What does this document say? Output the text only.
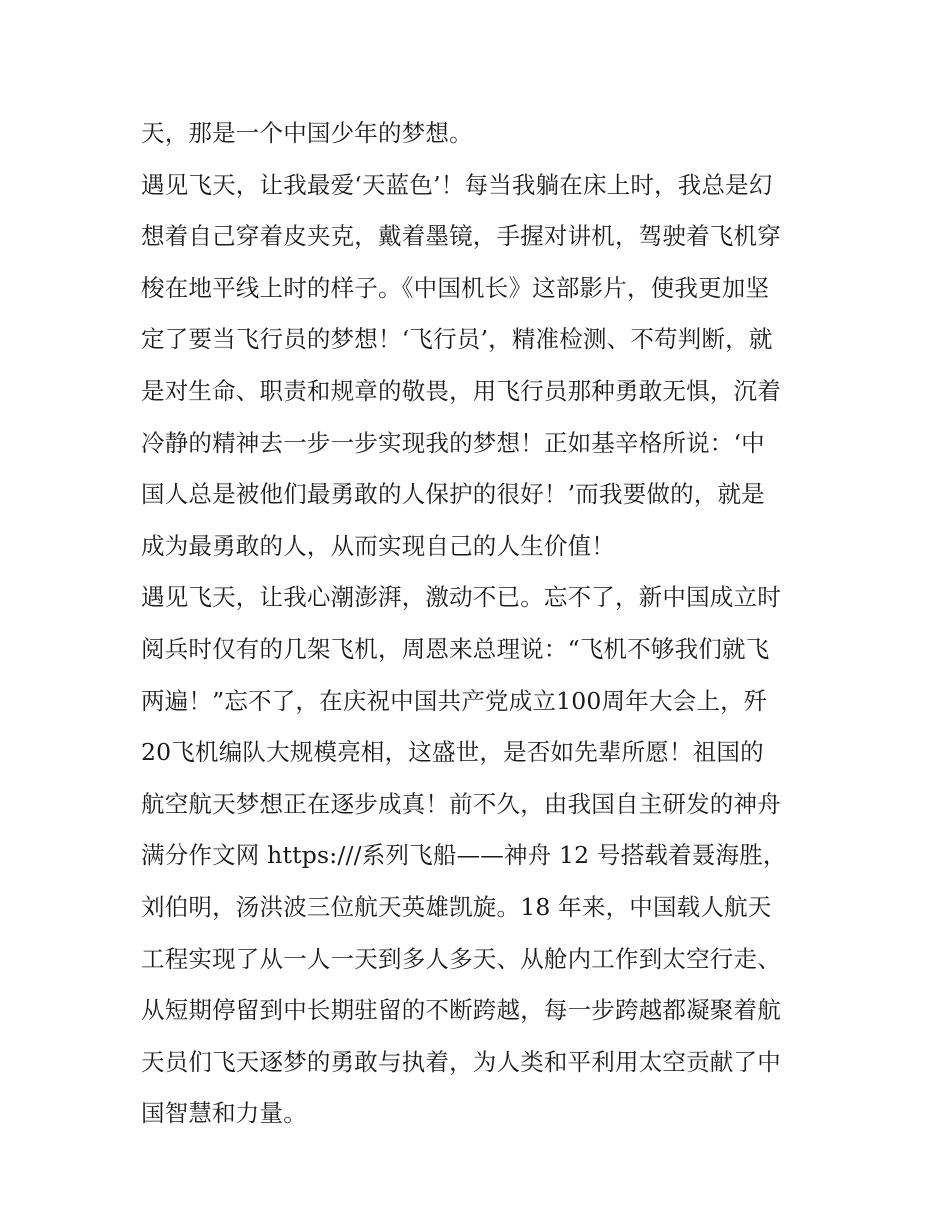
天，那是一个中国少年的梦想。
遇见飞天，让我最爱‘天蓝色’！每当我躺在床上时，我总是幻
想着自己穿着皮夹克，戴着墨镜，手握对讲机，驾驶着飞机穿
梭在地平线上时的样子。《中国机长》这部影片，使我更加坚
定了要当飞行员的梦想！‘飞行员’，精准检测、不苟判断，就
是对生命、职责和规章的敬畏，用飞行员那种勇敢无惧，沉着
冷静的精神去一步一步实现我的梦想！正如基辛格所说：‘中
国人总是被他们最勇敢的人保护的很好！’而我要做的，就是
成为最勇敢的人，从而实现自己的人生价值！
遇见飞天，让我心潮澎湃，激动不已。忘不了，新中国成立时
阅兵时仅有的几架飞机，周恩来总理说：“飞机不够我们就飞
两遍！”忘不了，在庆祝中国共产党成立100周年大会上，歼
20飞机编队大规模亮相，这盛世，是否如先辈所愿！祖国的
航空航天梦想正在逐步成真！前不久，由我国自主研发的神舟
满分作文网 https:///系列飞船——神舟 12 号搭载着聂海胜，
刘伯明，汤洪波三位航天英雄凯旋。18 年来，中国载人航天
工程实现了从一人一天到多人多天、从舱内工作到太空行走、
从短期停留到中长期驻留的不断跨越，每一步跨越都凝聚着航
天员们飞天逐梦的勇敢与执着，为人类和平利用太空贡献了中
国智慧和力量。
